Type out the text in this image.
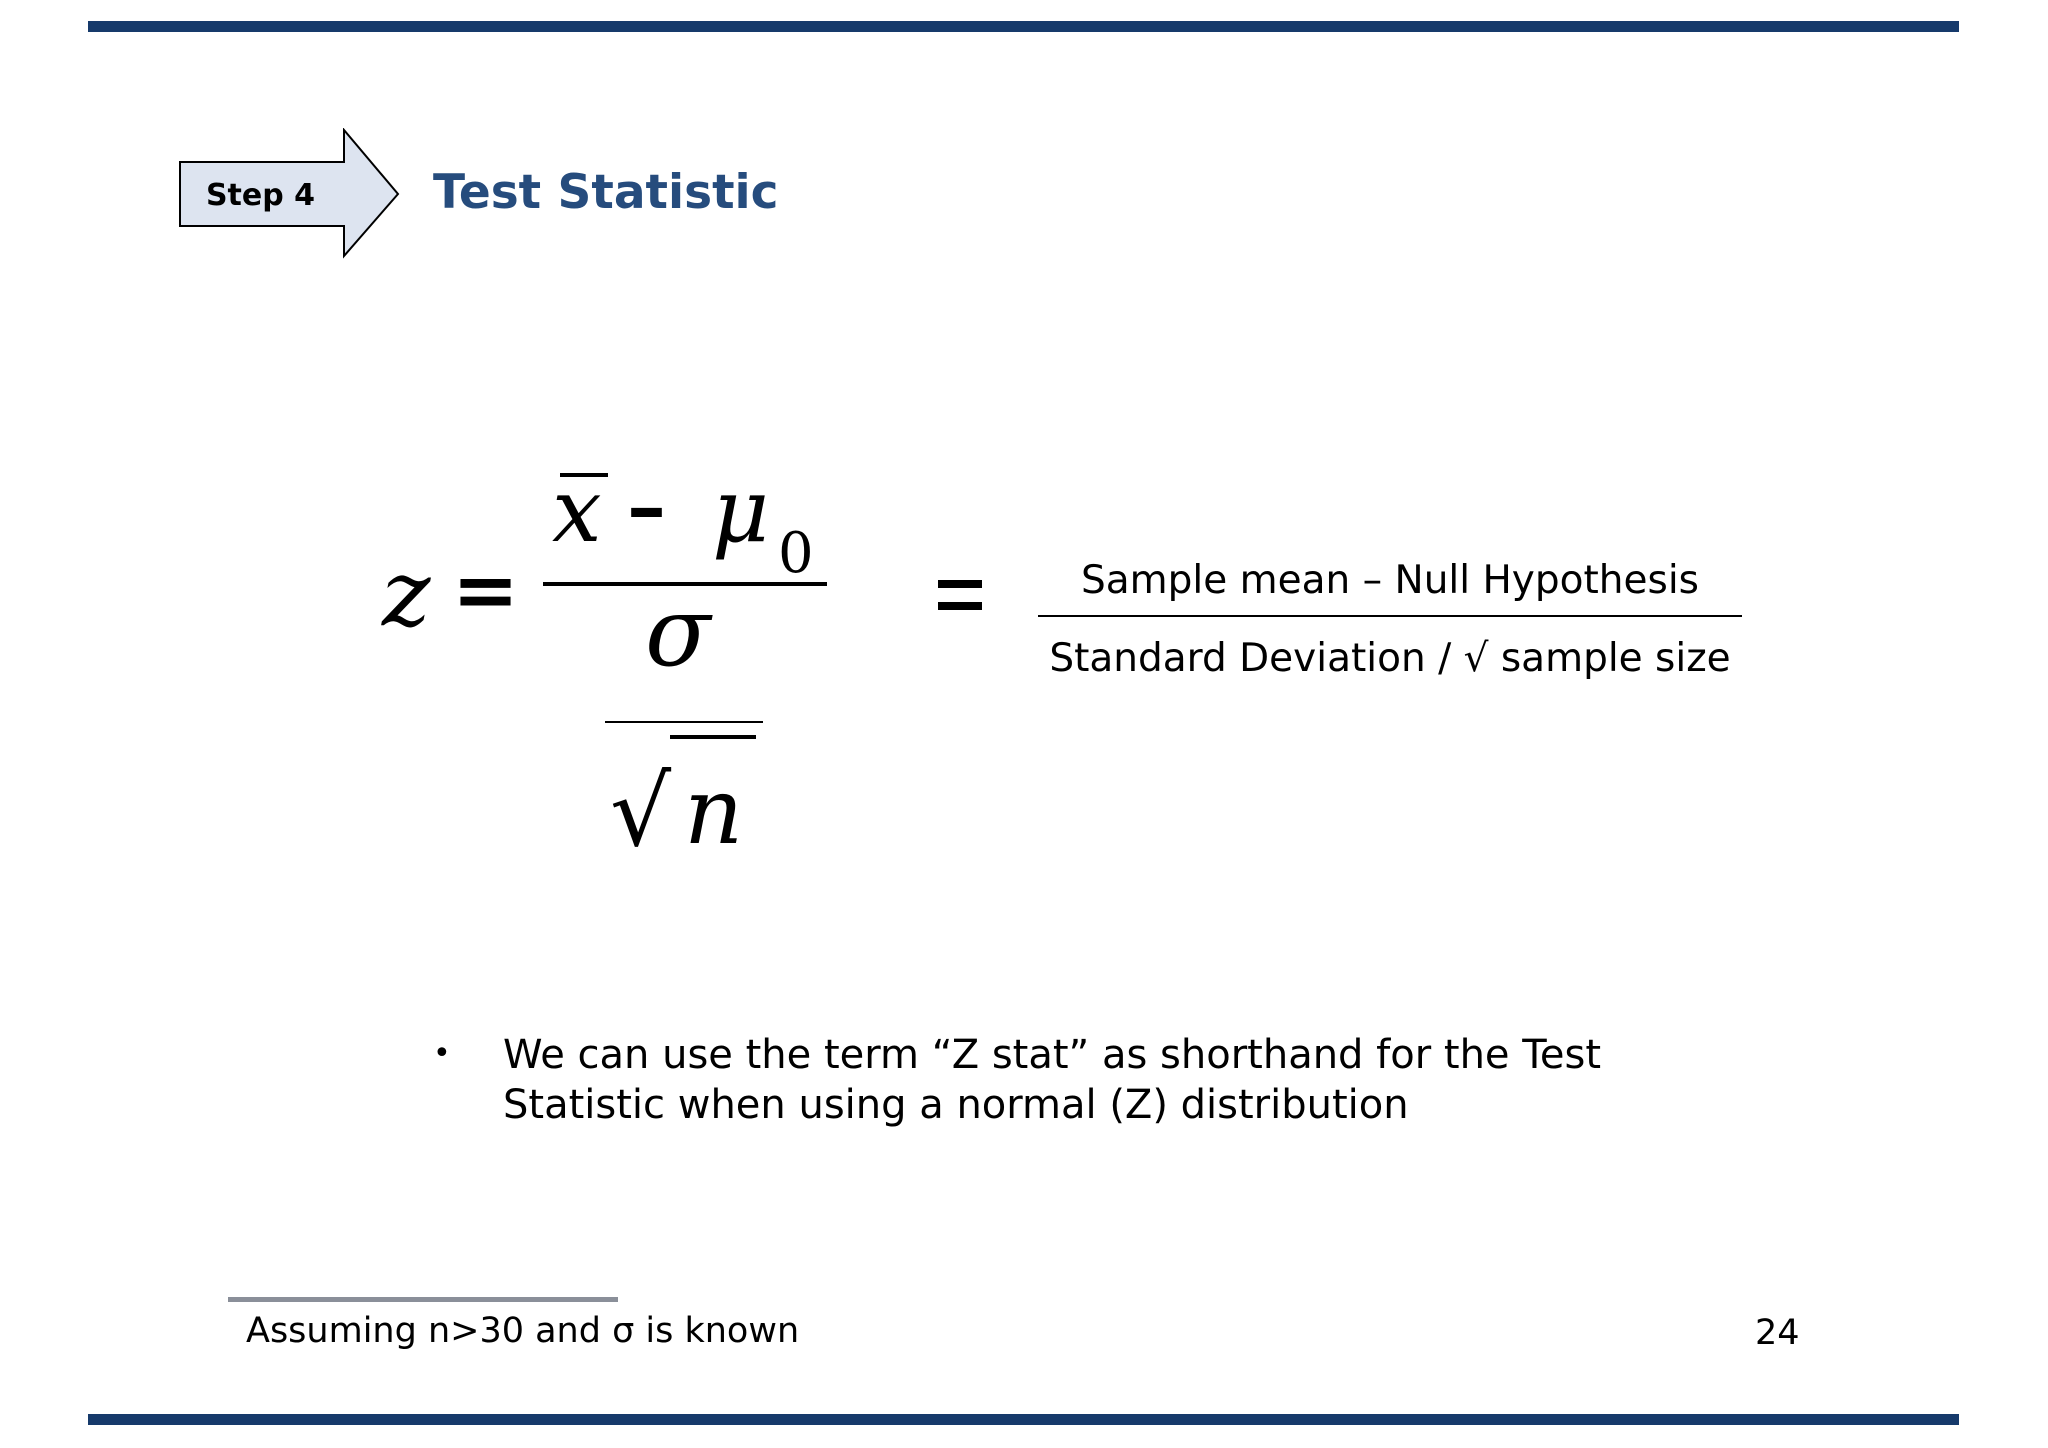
Step 4	Test Statistic
z =
x – μ 0
σ
√ n
Sample mean – Null Hypothesis
Standard Deviation / √ sample size
• We can use the term “Z stat” as shorthand for the Test Statistic when using a normal (Z) distribution
Assuming n>30 and σ is known	24
